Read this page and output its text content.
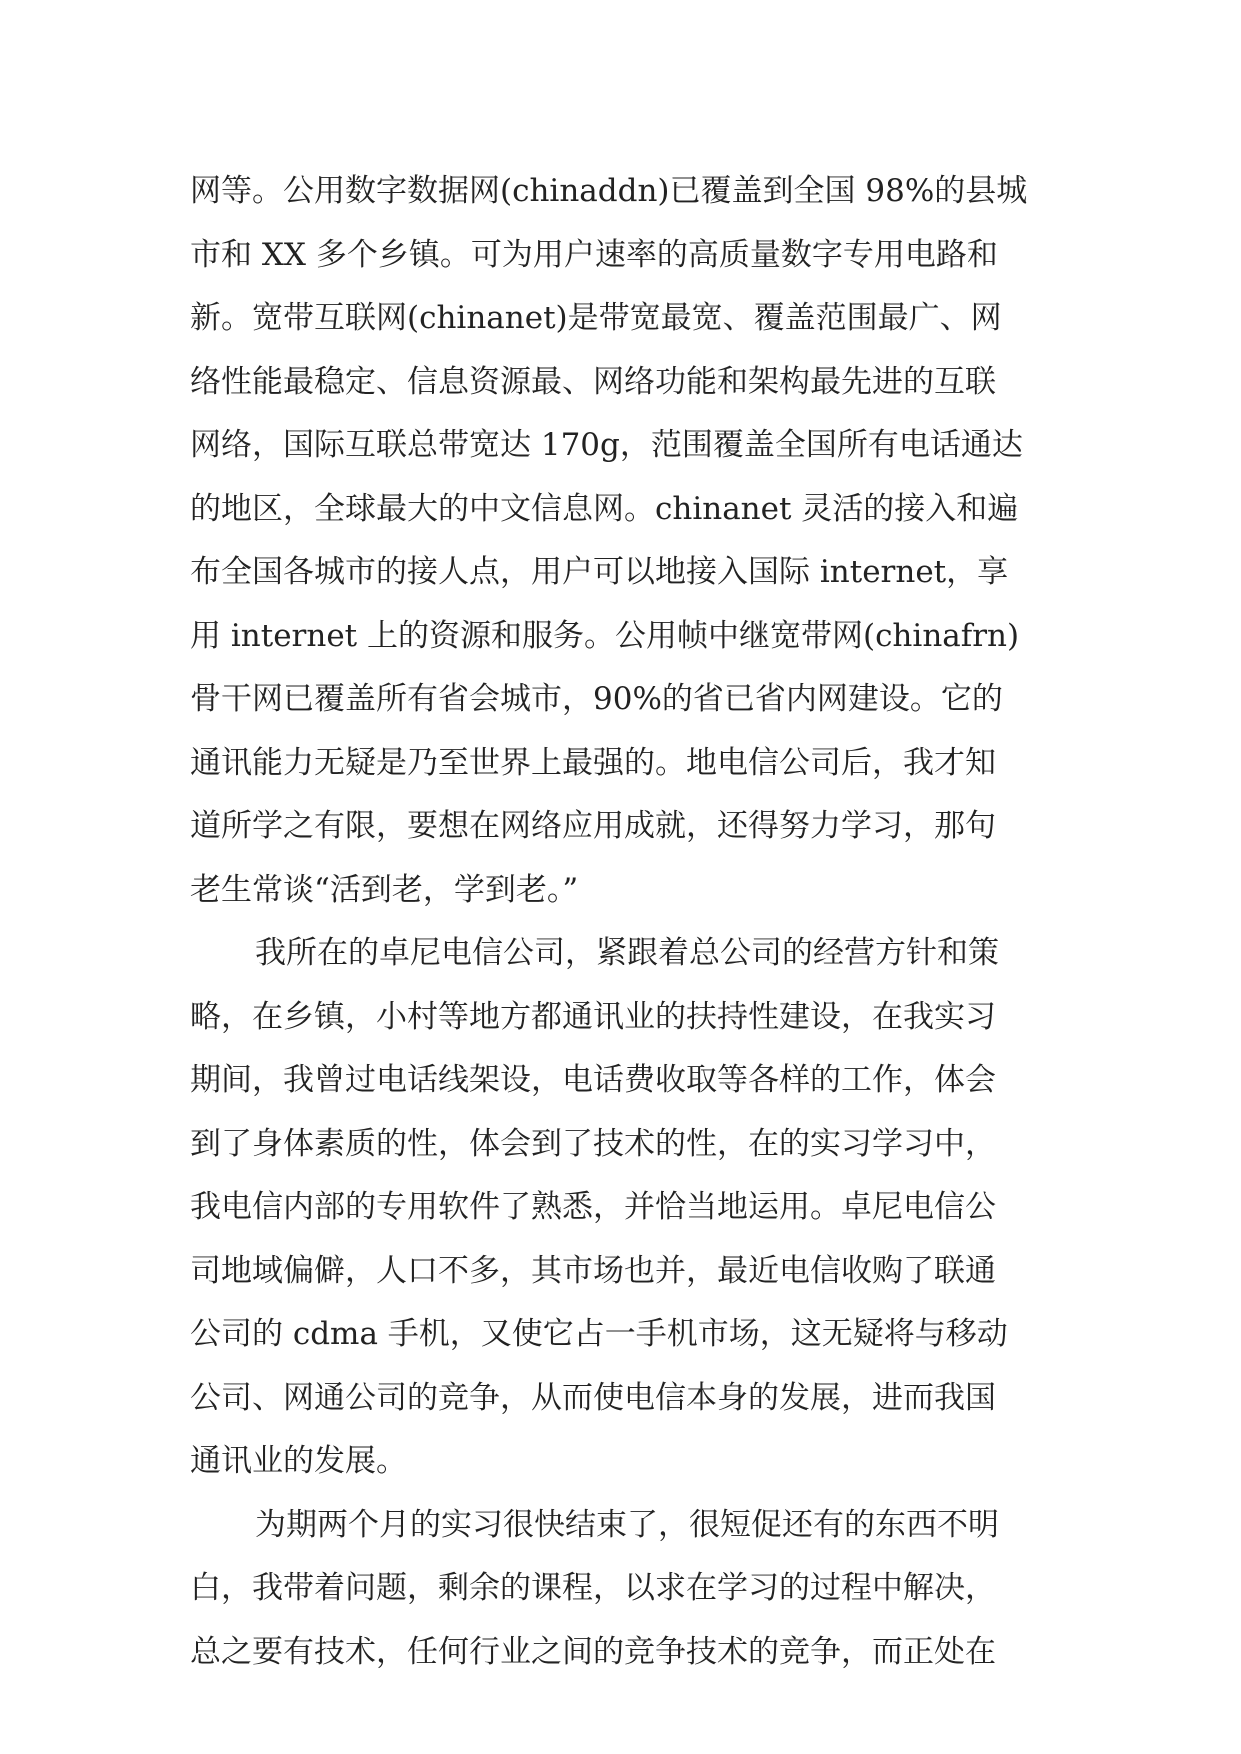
网等。公用数字数据网(chinaddn)已覆盖到全国 98%的县城
市和 XX 多个乡镇。可为用户速率的高质量数字专用电路和
新。宽带互联网(chinanet)是带宽最宽、覆盖范围最广、网
络性能最稳定、信息资源最、网络功能和架构最先进的互联
网络，国际互联总带宽达 170g，范围覆盖全国所有电话通达
的地区，全球最大的中文信息网。chinanet 灵活的接入和遍
布全国各城市的接人点，用户可以地接入国际 internet，享
用 internet 上的资源和服务。公用帧中继宽带网(chinafrn)
骨干网已覆盖所有省会城市，90%的省已省内网建设。它的
通讯能力无疑是乃至世界上最强的。地电信公司后，我才知
道所学之有限，要想在网络应用成就，还得努力学习，那句
老生常谈“活到老，学到老。”
我所在的卓尼电信公司，紧跟着总公司的经营方针和策
略，在乡镇，小村等地方都通讯业的扶持性建设，在我实习
期间，我曾过电话线架设，电话费收取等各样的工作，体会
到了身体素质的性，体会到了技术的性，在的实习学习中，
我电信内部的专用软件了熟悉，并恰当地运用。卓尼电信公
司地域偏僻，人口不多，其市场也并，最近电信收购了联通
公司的 cdma 手机，又使它占一手机市场，这无疑将与移动
公司、网通公司的竞争，从而使电信本身的发展，进而我国
通讯业的发展。
为期两个月的实习很快结束了，很短促还有的东西不明
白，我带着问题，剩余的课程，以求在学习的过程中解决，
总之要有技术，任何行业之间的竞争技术的竞争，而正处在
